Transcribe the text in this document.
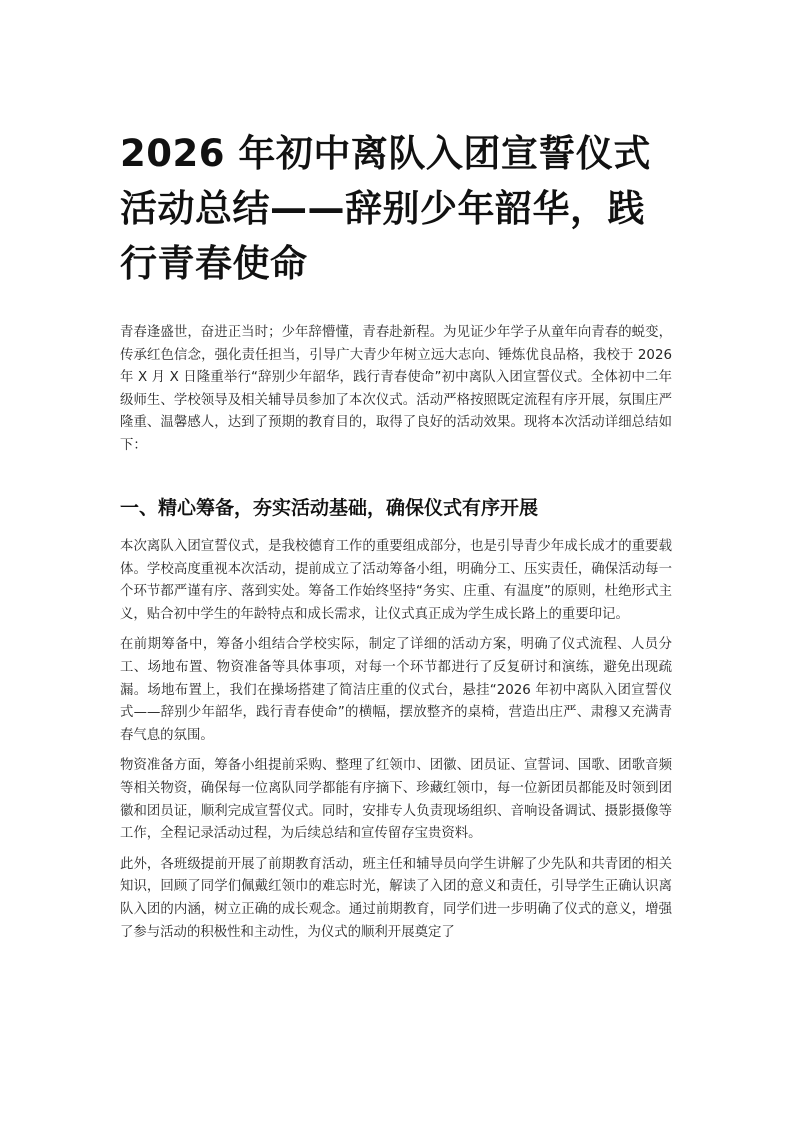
2026 年初中离队入团宣誓仪式活动总结——辞别少年韶华，践行青春使命

青春逢盛世，奋进正当时；少年辞懵懂，青春赴新程。为见证少年学子从童年向青春的蜕变，传承红色信念，强化责任担当，引导广大青少年树立远大志向、锤炼优良品格，我校于 2026 年 X 月 X 日隆重举行“辞别少年韶华，践行青春使命”初中离队入团宣誓仪式。全体初中二年级师生、学校领导及相关辅导员参加了本次仪式。活动严格按照既定流程有序开展，氛围庄严隆重、温馨感人，达到了预期的教育目的，取得了良好的活动效果。现将本次活动详细总结如下：

一、精心筹备，夯实活动基础，确保仪式有序开展

本次离队入团宣誓仪式，是我校德育工作的重要组成部分，也是引导青少年成长成才的重要载体。学校高度重视本次活动，提前成立了活动筹备小组，明确分工、压实责任，确保活动每一个环节都严谨有序、落到实处。筹备工作始终坚持“务实、庄重、有温度”的原则，杜绝形式主义，贴合初中学生的年龄特点和成长需求，让仪式真正成为学生成长路上的重要印记。

在前期筹备中，筹备小组结合学校实际，制定了详细的活动方案，明确了仪式流程、人员分工、场地布置、物资准备等具体事项，对每一个环节都进行了反复研讨和演练，避免出现疏漏。场地布置上，我们在操场搭建了简洁庄重的仪式台，悬挂“2026 年初中离队入团宣誓仪式——辞别少年韶华，践行青春使命”的横幅，摆放整齐的桌椅，营造出庄严、肃穆又充满青春气息的氛围。

物资准备方面，筹备小组提前采购、整理了红领巾、团徽、团员证、宣誓词、国歌、团歌音频等相关物资，确保每一位离队同学都能有序摘下、珍藏红领巾，每一位新团员都能及时领到团徽和团员证，顺利完成宣誓仪式。同时，安排专人负责现场组织、音响设备调试、摄影摄像等工作，全程记录活动过程，为后续总结和宣传留存宝贵资料。

此外，各班级提前开展了前期教育活动，班主任和辅导员向学生讲解了少先队和共青团的相关知识，回顾了同学们佩戴红领巾的难忘时光，解读了入团的意义和责任，引导学生正确认识离队入团的内涵，树立正确的成长观念。通过前期教育，同学们进一步明确了仪式的意义，增强了参与活动的积极性和主动性，为仪式的顺利开展奠定了
